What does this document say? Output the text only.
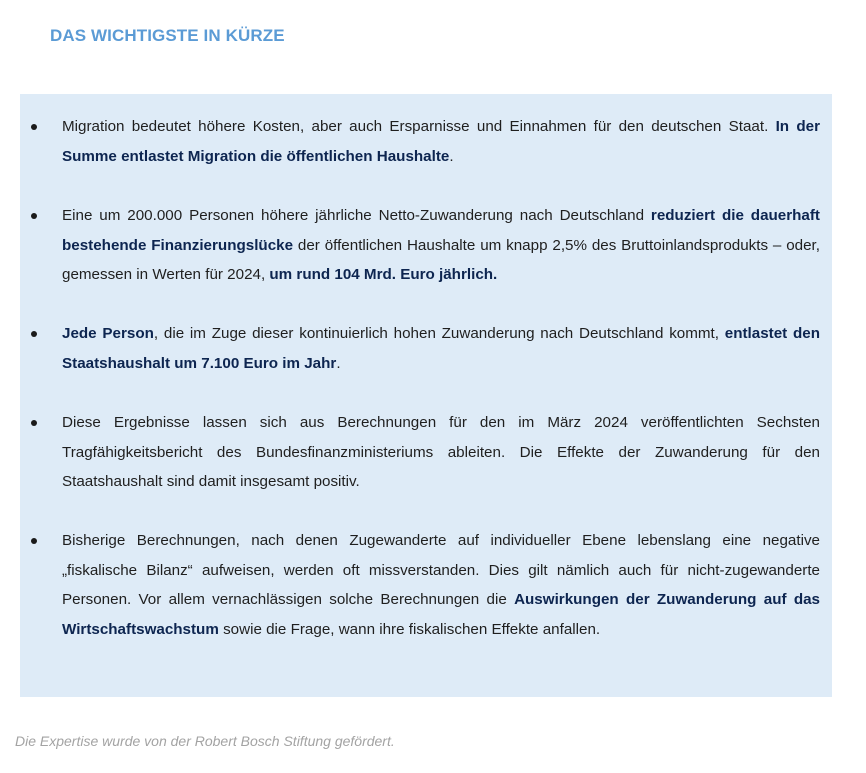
DAS WICHTIGSTE IN KÜRZE
Migration bedeutet höhere Kosten, aber auch Ersparnisse und Einnahmen für den deutschen Staat. In der Summe entlastet Migration die öffentlichen Haushalte.
Eine um 200.000 Personen höhere jährliche Netto-Zuwanderung nach Deutschland reduziert die dauerhaft bestehende Finanzierungslücke der öffentlichen Haushalte um knapp 2,5% des Bruttoinlandsprodukts – oder, gemessen in Werten für 2024, um rund 104 Mrd. Euro jährlich.
Jede Person, die im Zuge dieser kontinuierlich hohen Zuwanderung nach Deutschland kommt, entlastet den Staatshaushalt um 7.100 Euro im Jahr.
Diese Ergebnisse lassen sich aus Berechnungen für den im März 2024 veröffentlichten Sechsten Tragfähigkeitsbericht des Bundesfinanzministeriums ableiten. Die Effekte der Zuwanderung für den Staatshaushalt sind damit insgesamt positiv.
Bisherige Berechnungen, nach denen Zugewanderte auf individueller Ebene lebenslang eine negative „fiskalische Bilanz“ aufweisen, werden oft missverstanden. Dies gilt nämlich auch für nicht-zugewanderte Personen. Vor allem vernachlässigen solche Berechnungen die Auswirkungen der Zuwanderung auf das Wirtschaftswachstum sowie die Frage, wann ihre fiskalischen Effekte anfallen.
Die Expertise wurde von der Robert Bosch Stiftung gefördert.
